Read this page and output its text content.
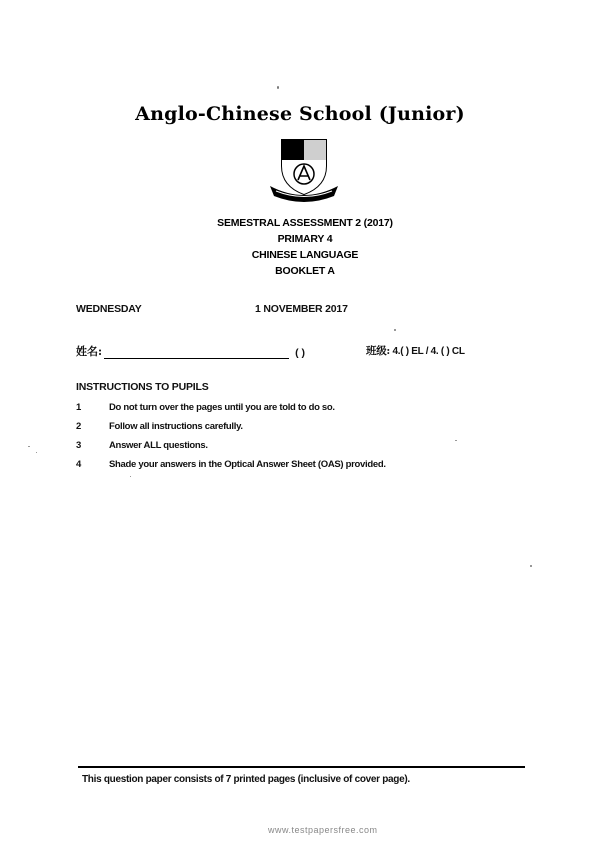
Anglo-Chinese School (Junior)
SEMESTRAL ASSESSMENT 2 (2017)
PRIMARY 4
CHINESE LANGUAGE
BOOKLET A
WEDNESDAY	1 NOVEMBER 2017
姓名:	( )	班级: 4.( ) EL / 4. ( ) CL
INSTRUCTIONS TO PUPILS
1	Do not turn over the pages until you are told to do so.
2	Follow all instructions carefully.
3	Answer ALL questions.
4	Shade your answers in the Optical Answer Sheet (OAS) provided.
This question paper consists of 7 printed pages (inclusive of cover page).
www.testpapersfree.com
